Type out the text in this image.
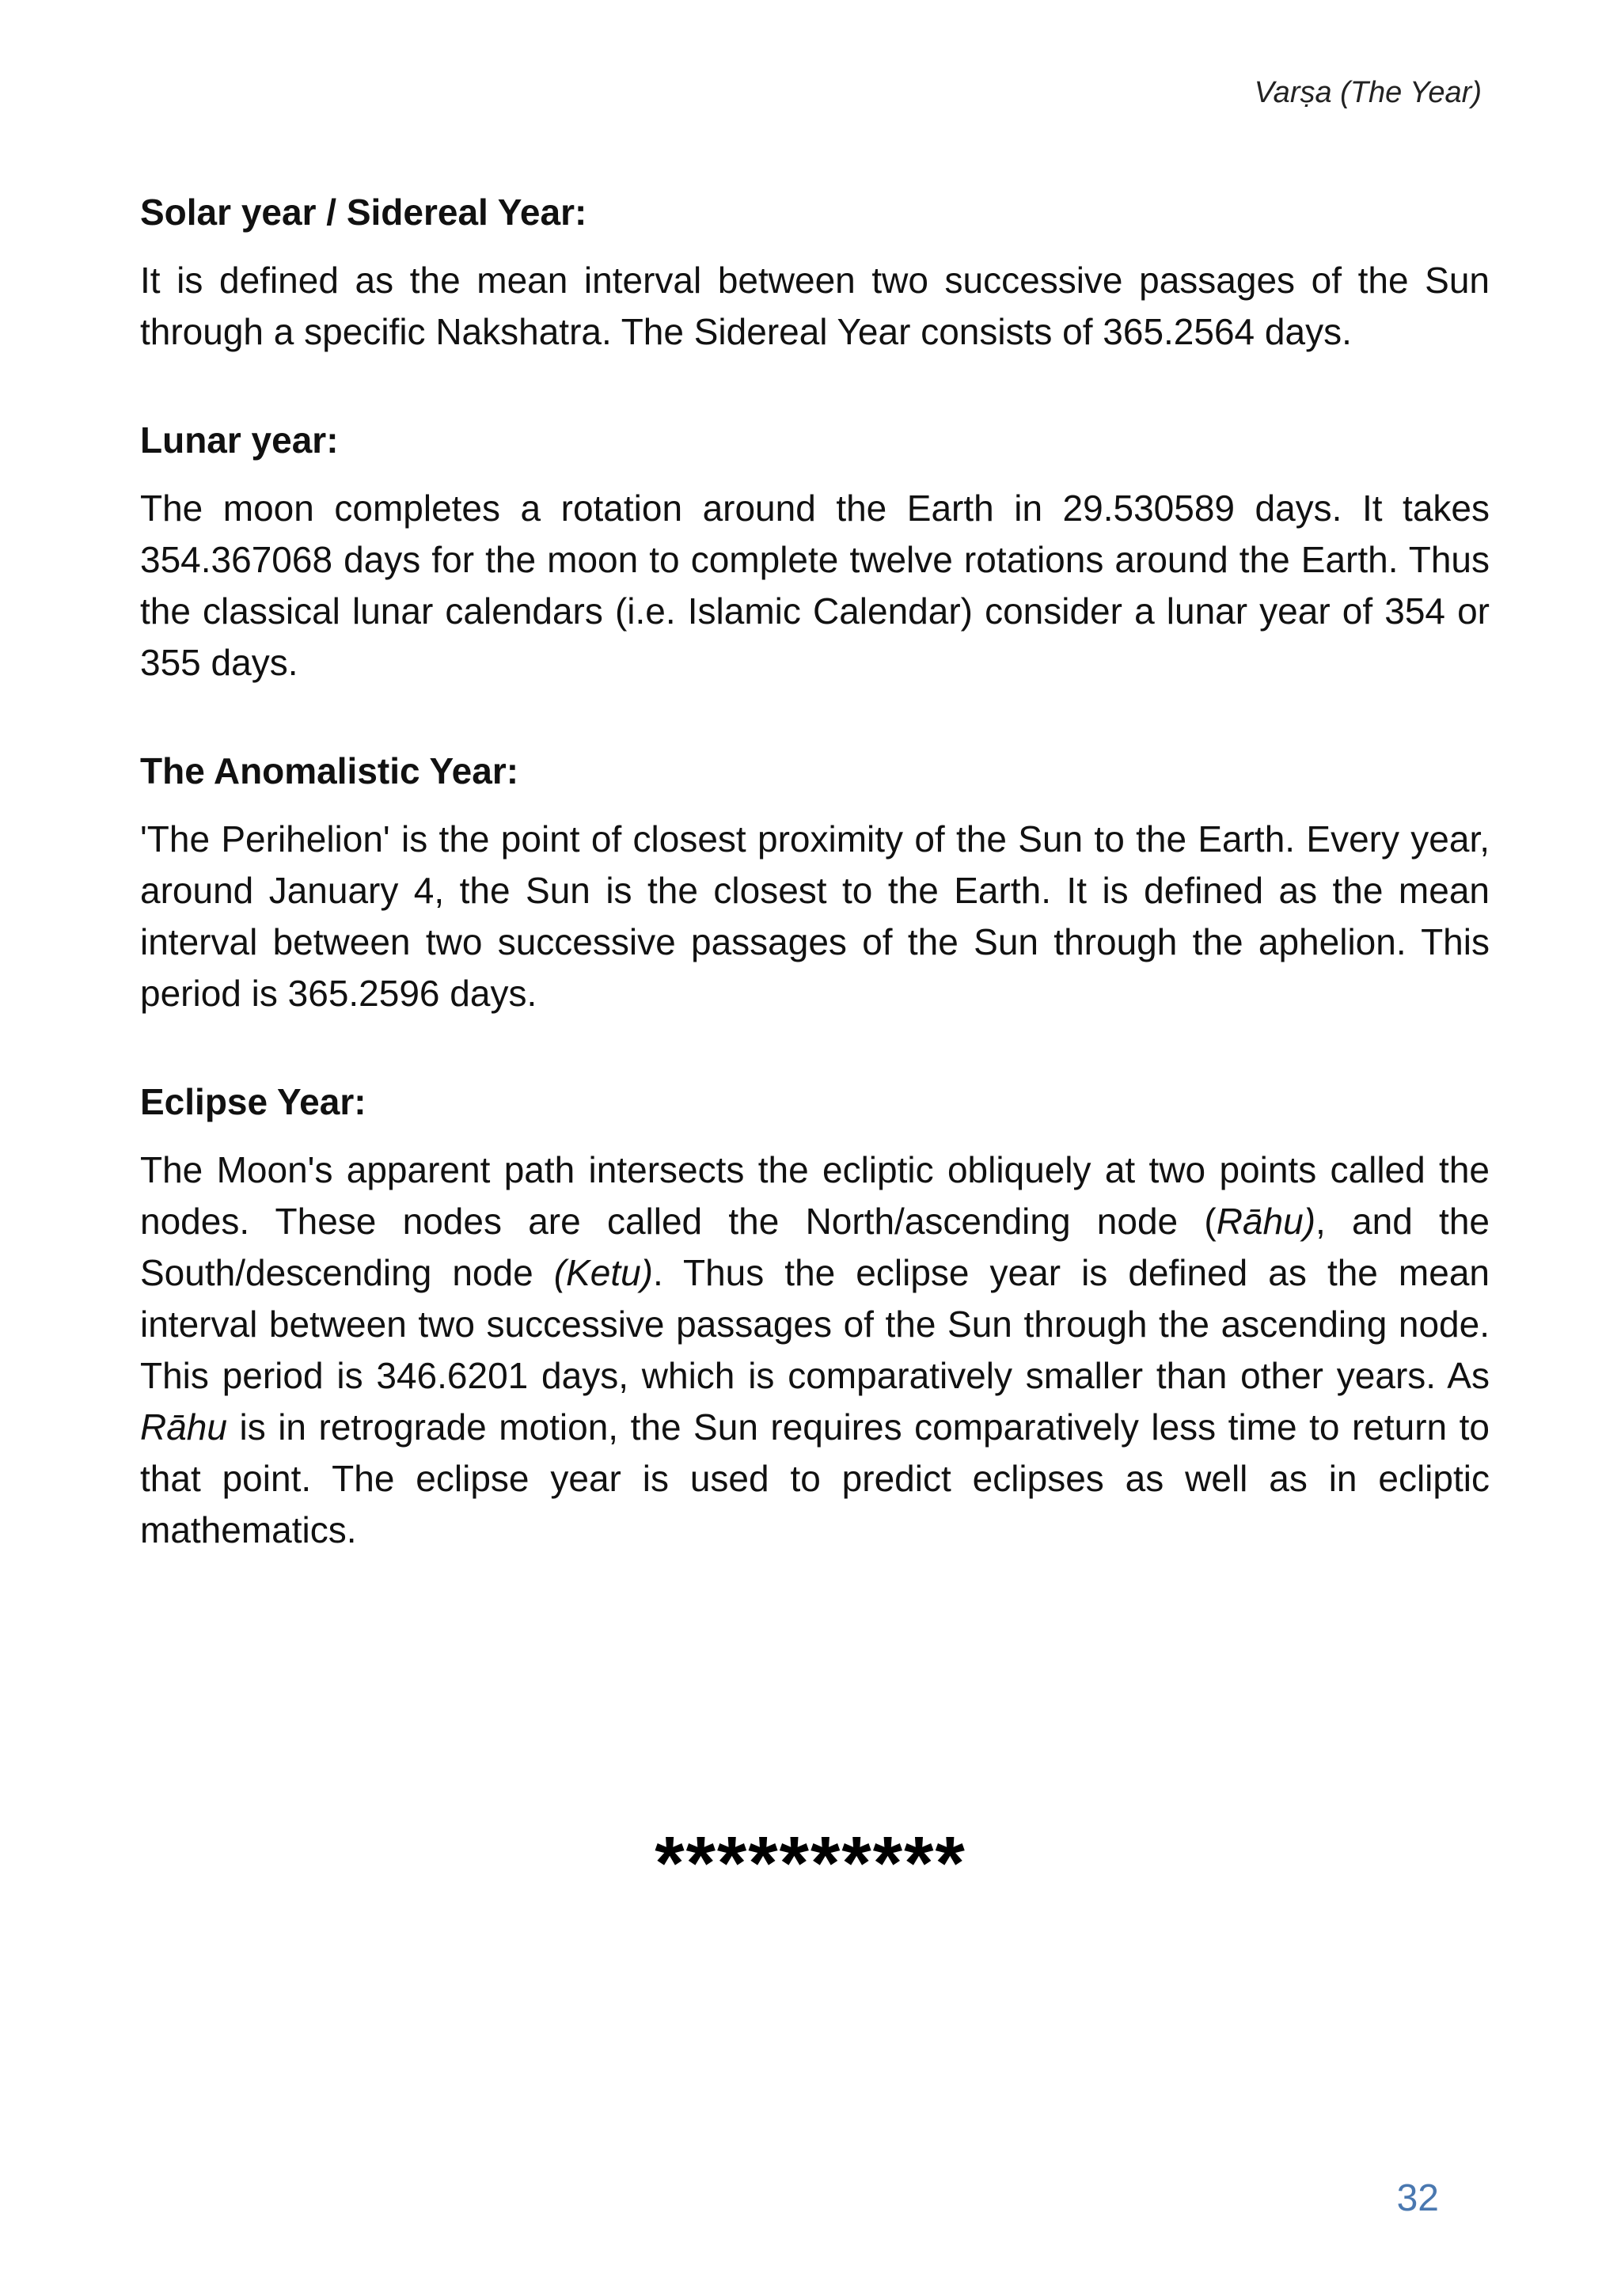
Varṣa (The Year)
Solar year / Sidereal Year:

It is defined as the mean interval between two successive passages of the Sun through a specific Nakshatra. The Sidereal Year consists of 365.2564 days.

Lunar year:

The moon completes a rotation around the Earth in 29.530589 days. It takes 354.367068 days for the moon to complete twelve rotations around the Earth. Thus the classical lunar calendars (i.e. Islamic Calendar) consider a lunar year of 354 or 355 days.

The Anomalistic Year:

'The Perihelion' is the point of closest proximity of the Sun to the Earth. Every year, around January 4, the Sun is the closest to the Earth. It is defined as the mean interval between two successive passages of the Sun through the aphelion. This period is 365.2596 days.

Eclipse Year:

The Moon's apparent path intersects the ecliptic obliquely at two points called the nodes. These nodes are called the North/ascending node (Rāhu), and the South/descending node (Ketu). Thus the eclipse year is defined as the mean interval between two successive passages of the Sun through the ascending node. This period is 346.6201 days, which is comparatively smaller than other years. As Rāhu is in retrograde motion, the Sun requires comparatively less time to return to that point. The eclipse year is used to predict eclipses as well as in ecliptic mathematics.

**********
32
